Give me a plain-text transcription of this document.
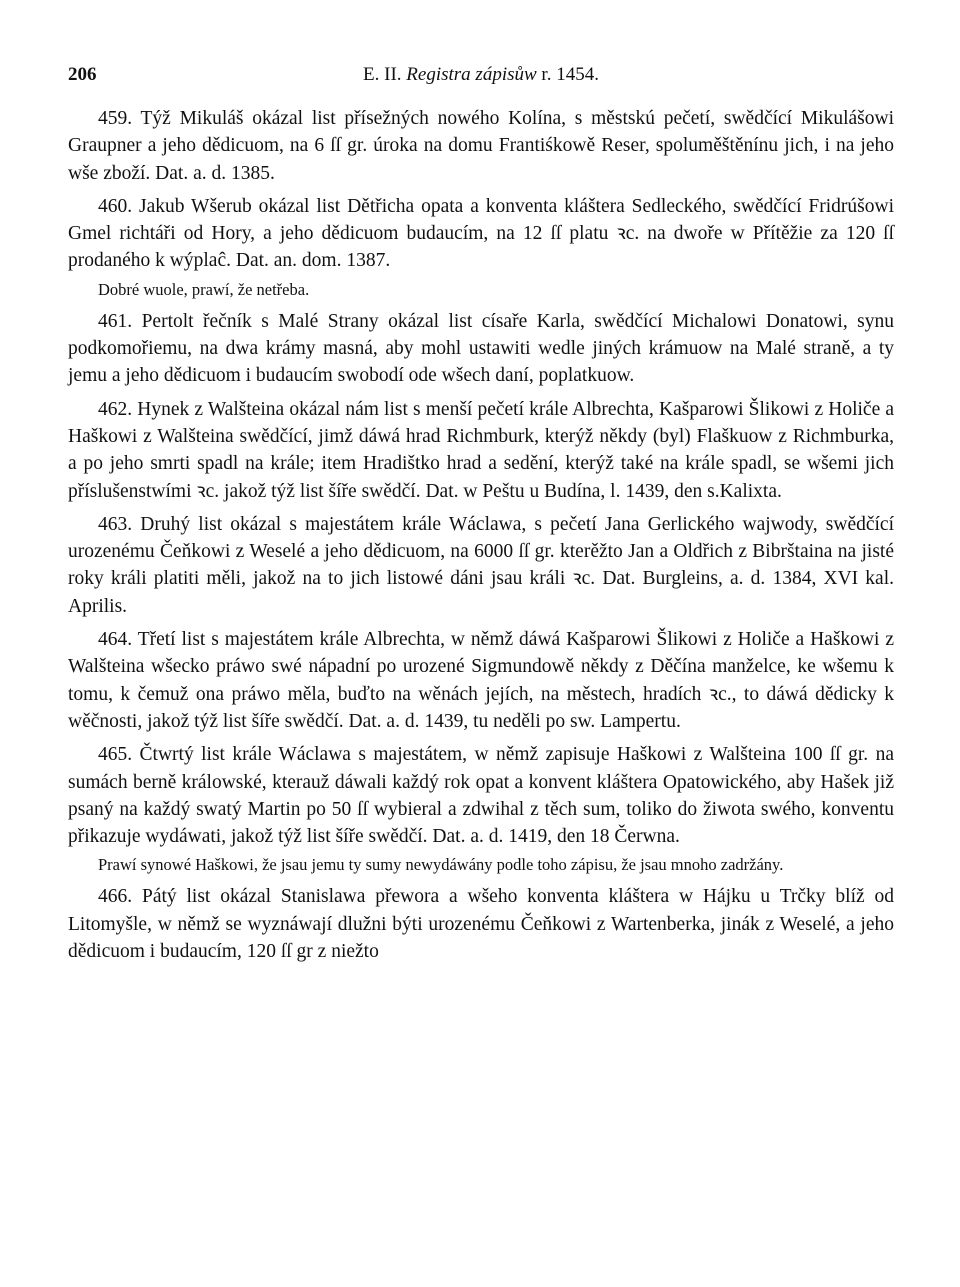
206	E. II. Registra zápisůw r. 1454.

459. Týž Mikuláš okázal list přísežných nowého Kolína, s městskú pečetí, swědčící Mikulášowi Graupner a jeho dědicuom, na 6 ſſ gr. úroka na domu Frantiśkowě Reser, spoluměštěnínu jich, i na jeho wše zboží. Dat. a. d. 1385.

460. Jakub Wšerub okázal list Dětřicha opata a konventa kláštera Sedleckého, swědčící Fridrúšowi Gmel richtáři od Hory, a jeho dědicuom budaucím, na 12 ſſ platu ꝛc. na dwoře w Přítěžie za 120 ſſ prodaného k wýplaĉ. Dat. an. dom. 1387.

Dobré wuole, prawí, že netřeba.

461. Pertolt řečník s Malé Strany okázal list císaře Karla, swědčící Michalowi Donatowi, synu podkomořiemu, na dwa krámy masná, aby mohl ustawiti wedle jiných krámuow na Malé straně, a ty jemu a jeho dědicuom i budaucím swobodí ode wšech daní, poplatkuow.

462. Hynek z Walšteina okázal nám list s menší pečetí krále Albrechta, Kašparowi Šlikowi z Holiče a Haškowi z Walšteina swědčící, jimž dáwá hrad Richmburk, kterýž někdy (byl) Flaškuow z Richmburka, a po jeho smrti spadl na krále; item Hradištko hrad a sedění, kterýž také na krále spadl, se wšemi jich příslušenstwími ꝛc. jakož týž list šíře swědčí. Dat. w Peštu u Budína, l. 1439, den s.Kalixta.

463. Druhý list okázal s majestátem krále Wáclawa, s pečetí Jana Gerlického wajwody, swědčící urozenému Čeňkowi z Weselé a jeho dědicuom, na 6000 ſſ gr. kterěžto Jan a Oldřich z Bibrštaina na jisté roky králi platiti měli, jakož na to jich listowé dáni jsau králi ꝛc. Dat. Burgleins, a. d. 1384, XVI kal. Aprilis.

464. Třetí list s majestátem krále Albrechta, w němž dáwá Kašparowi Šlikowi z Holiče a Haškowi z Walšteina wšecko práwo swé nápadní po urozené Sigmundowě někdy z Děčína manželce, ke wšemu k tomu, k čemuž ona práwo měla, buďto na wěnách jejích, na městech, hradích ꝛc., to dáwá dědicky k wěčnosti, jakož týž list šíře swědčí. Dat. a. d. 1439, tu neděli po sw. Lampertu.

465. Čtwrtý list krále Wáclawa s majestátem, w němž zapisuje Haškowi z Walšteina 100 ſſ gr. na sumách berně králowské, kterauž dáwali každý rok opat a konvent kláštera Opatowického, aby Hašek již psaný na každý swatý Martin po 50 ſſ wybieral a zdwihal z těch sum, toliko do žiwota swého, konventu přikazuje wydáwati, jakož týž list šíře swědčí. Dat. a. d. 1419, den 18 Čerwna.

Prawí synowé Haškowi, že jsau jemu ty sumy newydáwány podle toho zápisu, že jsau mnoho zadržány.

466. Pátý list okázal Stanislawa přewora a wšeho konventa kláštera w Hájku u Trčky blíž od Litomyšle, w němž se wyznáwají dlužni býti urozenému Čeňkowi z Wartenberka, jinák z Weselé, a jeho dědicuom i budaucím, 120 ſſ gr z niežto
